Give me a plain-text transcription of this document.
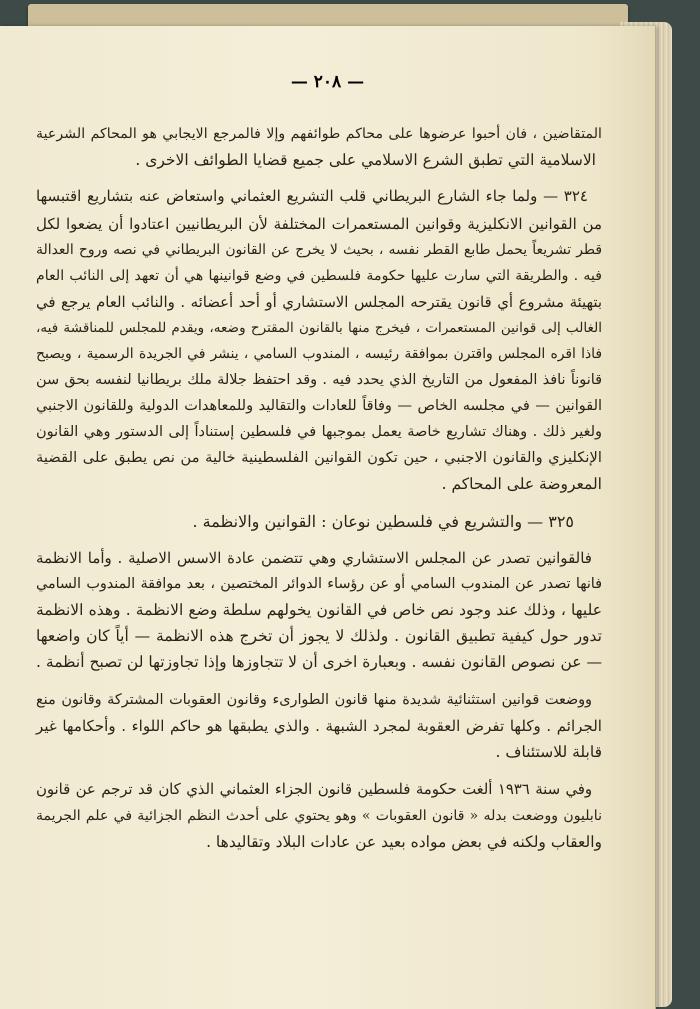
— ٢٠٨ —
المتقاضين ، فان أحبوا عرضوها على محاكم طوائفهم وإلا فالمرجع الايجابي هو المحاكم الشرعية
الاسلامية التي تطبق الشرع الاسلامي على جميع قضايا الطوائف الاخرى .
٣٢٤ — ولما جاء الشارع البريطاني قلب التشريع العثماني واستعاض عنه بتشاريع اقتبسها
من القوانين الانكليزية وقوانين المستعمرات المختلفة لأن البريطانيين اعتادوا أن يضعوا لكل
قطر تشريعاً يحمل طابع القطر نفسه ، بحيث لا يخرج عن القانون البريطاني في نصه وروح العدالة
فيه . والطريقة التي سارت عليها حكومة فلسطين في وضع قوانينها هي أن تعهد إلى النائب العام
بتهيئة مشروع أي قانون يقترحه المجلس الاستشاري أو أحد أعضائه . والنائب العام يرجع في
الغالب إلى قوانين المستعمرات ، فيخرج منها بالقانون المقترح وضعه، ويقدم للمجلس للمناقشة فيه،
فاذا اقره المجلس واقترن بموافقة رئيسه ، المندوب السامي ، ينشر في الجريدة الرسمية ، ويصبح
قانوناً نافذ المفعول من التاريخ الذي يحدد فيه . وقد احتفظ جلالة ملك بريطانيا لنفسه بحق سن
القوانين — في مجلسه الخاص — وفاقاً للعادات والتقاليد وللمعاهدات الدولية وللقانون الاجنبي
ولغير ذلك . وهناك تشاريع خاصة يعمل بموجبها في فلسطين إستناداً إلى الدستور وهي القانون
الإنكليزي والقانون الاجنبي ، حين تكون القوانين الفلسطينية خالية من نص يطبق على القضية
المعروضة على المحاكم .
٣٢٥ — والتشريع في فلسطين نوعان : القوانين والانظمة .
فالقوانين تصدر عن المجلس الاستشاري وهي تتضمن عادة الاسس الاصلية . وأما الانظمة
فانها تصدر عن المندوب السامي أو عن رؤساء الدوائر المختصين ، بعد موافقة المندوب السامي
عليها ، وذلك عند وجود نص خاص في القانون يخولهم سلطة وضع الانظمة . وهذه الانظمة
تدور حول كيفية تطبيق القانون . ولذلك لا يجوز أن تخرج هذه الانظمة — أياً كان واضعها
— عن نصوص القانون نفسه . وبعبارة اخرى أن لا تتجاوزها وإذا تجاوزتها لن تصبح أنظمة .
ووضعت قوانين استثنائية شديدة منها قانون الطوارىء وقانون العقوبات المشتركة وقانون منع
الجرائم . وكلها تفرض العقوبة لمجرد الشبهة . والذي يطبقها هو حاكم اللواء . وأحكامها غير
قابلة للاستئناف .
وفي سنة ١٩٣٦ ألغت حكومة فلسطين قانون الجزاء العثماني الذي كان قد ترجم عن قانون
نابليون ووضعت بدله « قانون العقوبات » وهو يحتوي على أحدث النظم الجزائية في علم الجريمة
والعقاب ولكنه في بعض مواده بعيد عن عادات البلاد وتقاليدها .
